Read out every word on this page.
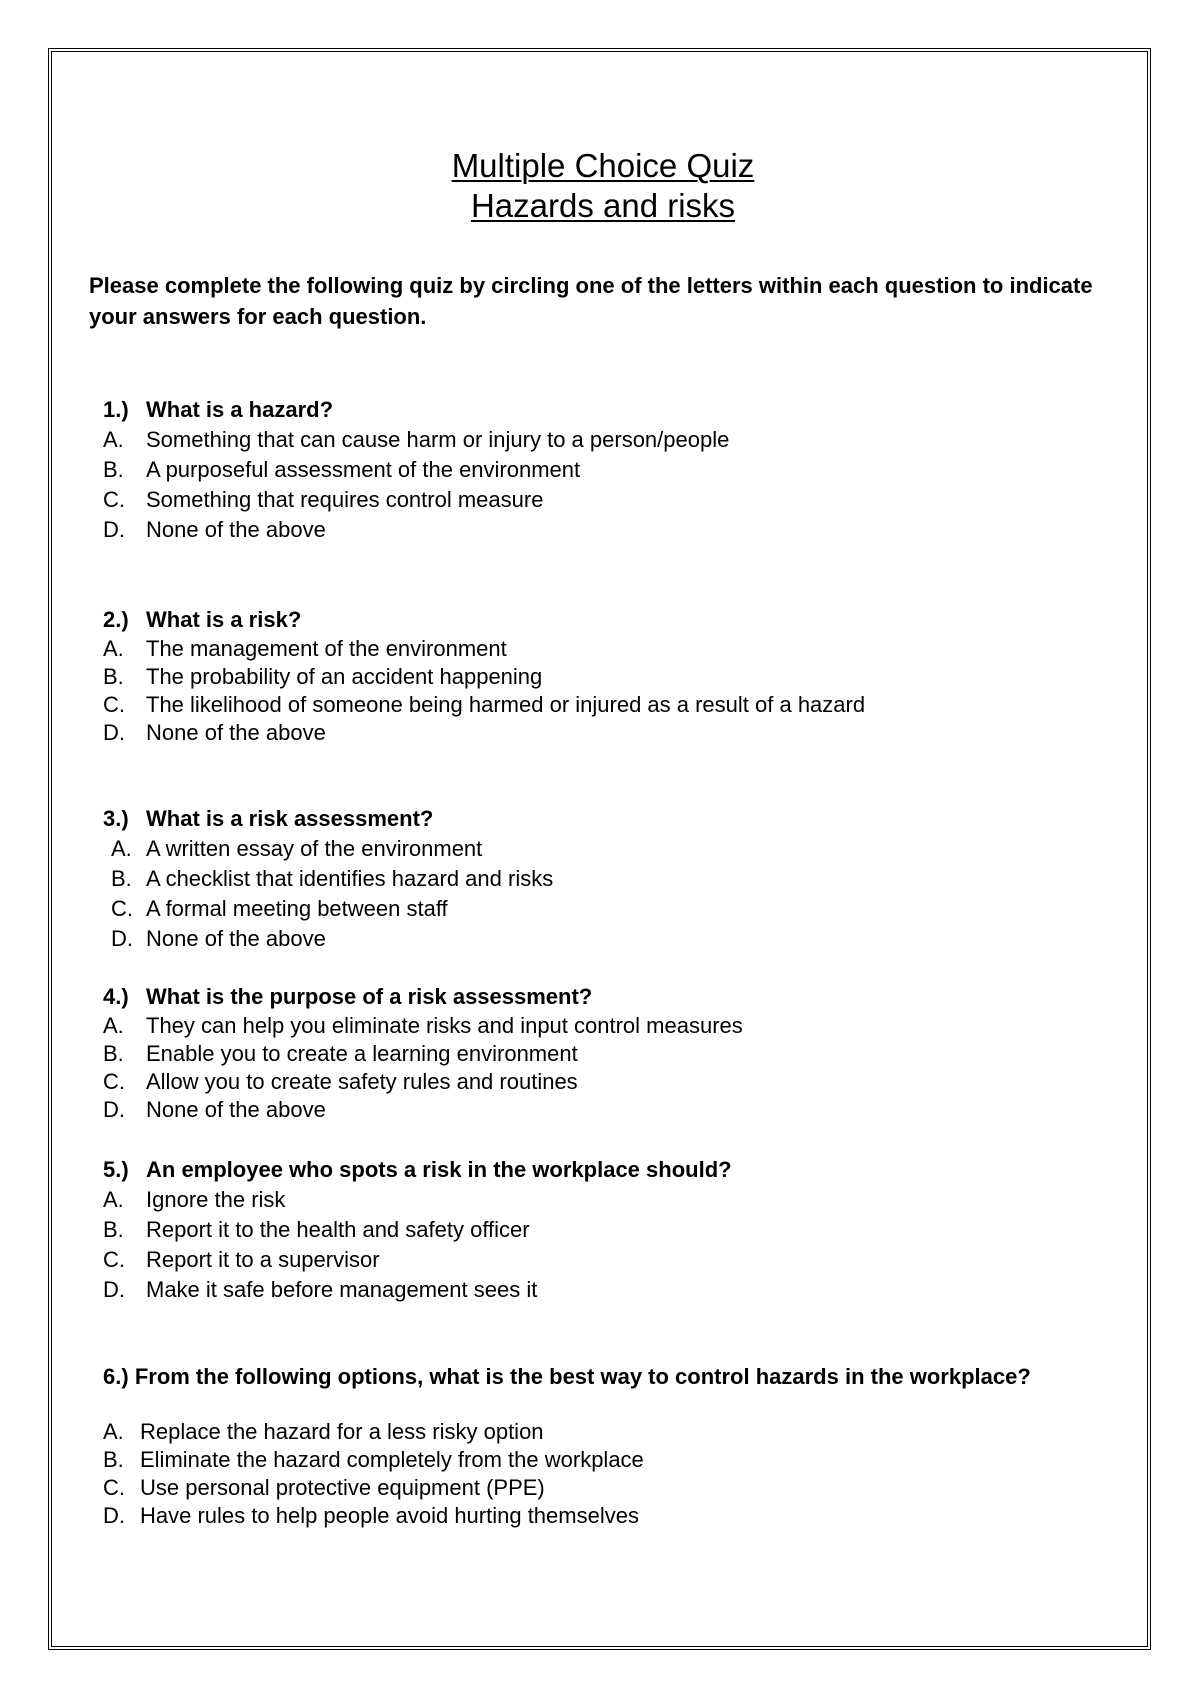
Multiple Choice Quiz
Hazards and risks
Please complete the following quiz by circling one of the letters within each question to indicate your answers for each question.
1.) What is a hazard?
A.	Something that can cause harm or injury to a person/people
B.	A purposeful assessment of the environment
C. Something that requires control measure
D. None of the above
2.) What is a risk?
A.	The management of the environment
B.	The probability of an accident happening
C. The likelihood of someone being harmed or injured as a result of a hazard
D. None of the above
3.) What is a risk assessment?
A. A written essay of the environment
B. A checklist that identifies hazard and risks
C. A formal meeting between staff
D. None of the above
4.) What is the purpose of a risk assessment?
A.	They can help you eliminate risks and input control measures
B.	Enable you to create a learning environment
C. Allow you to create safety rules and routines
D. None of the above
5.) An employee who spots a risk in the workplace should?
A.	Ignore the risk
B.	Report it to the health and safety officer
C. Report it to a supervisor
D. Make it safe before management sees it
6.) From the following options, what is the best way to control hazards in the workplace?
A. Replace the hazard for a less risky option
B. Eliminate the hazard completely from the workplace
C. Use personal protective equipment (PPE)
D. Have rules to help people avoid hurting themselves
